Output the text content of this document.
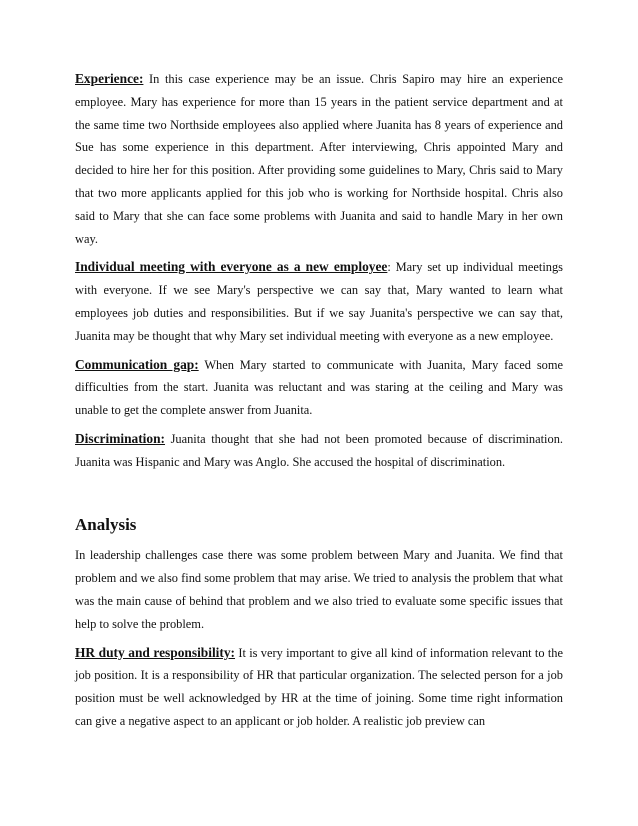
Experience: In this case experience may be an issue. Chris Sapiro may hire an experience employee. Mary has experience for more than 15 years in the patient service department and at the same time two Northside employees also applied where Juanita has 8 years of experience and Sue has some experience in this department. After interviewing, Chris appointed Mary and decided to hire her for this position. After providing some guidelines to Mary, Chris said to Mary that two more applicants applied for this job who is working for Northside hospital. Chris also said to Mary that she can face some problems with Juanita and said to handle Mary in her own way.

Individual meeting with everyone as a new employee: Mary set up individual meetings with everyone. If we see Mary's perspective we can say that, Mary wanted to learn what employees job duties and responsibilities. But if we say Juanita's perspective we can say that, Juanita may be thought that why Mary set individual meeting with everyone as a new employee.

Communication gap: When Mary started to communicate with Juanita, Mary faced some difficulties from the start. Juanita was reluctant and was staring at the ceiling and Mary was unable to get the complete answer from Juanita.

Discrimination: Juanita thought that she had not been promoted because of discrimination. Juanita was Hispanic and Mary was Anglo. She accused the hospital of discrimination.

Analysis

In leadership challenges case there was some problem between Mary and Juanita. We find that problem and we also find some problem that may arise. We tried to analysis the problem that what was the main cause of behind that problem and we also tried to evaluate some specific issues that help to solve the problem.

HR duty and responsibility: It is very important to give all kind of information relevant to the job position. It is a responsibility of HR that particular organization. The selected person for a job position must be well acknowledged by HR at the time of joining. Some time right information can give a negative aspect to an applicant or job holder. A realistic job preview can
